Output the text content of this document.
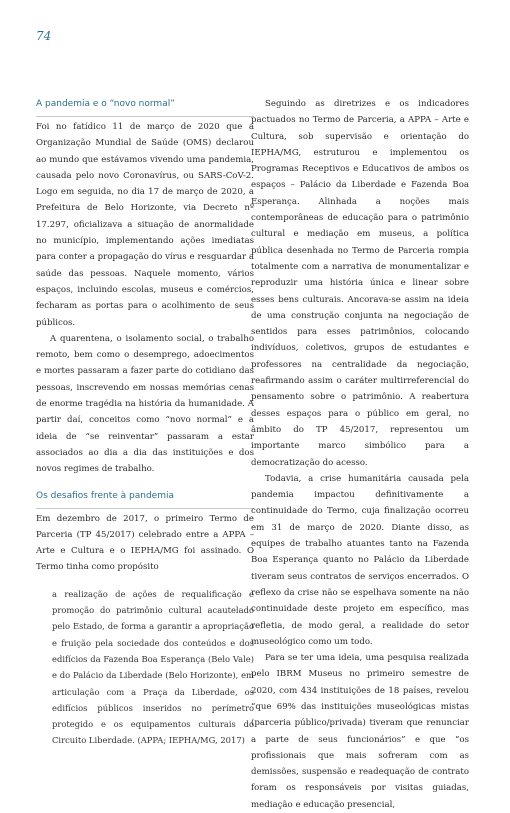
74
A pandemia e o “novo normal”

Foi no fatídico 11 de março de 2020 que a Organização Mundial de Saúde (OMS) declarou ao mundo que estávamos vivendo uma pandemia, causada pelo novo Coronavírus, ou SARS-CoV-2. Logo em seguida, no dia 17 de março de 2020, a Prefeitura de Belo Horizonte, via Decreto nº 17.297, oficializava a situação de anormalidade no município, implementando ações imediatas para conter a propagação do vírus e resguardar a saúde das pessoas. Naquele momento, vários espaços, incluindo escolas, museus e comércios, fecharam as portas para o acolhimento de seus públicos.

A quarentena, o isolamento social, o trabalho remoto, bem como o desemprego, adoecimentos e mortes passaram a fazer parte do cotidiano das pessoas, inscrevendo em nossas memórias cenas de enorme tragédia na história da humanidade. A partir daí, conceitos como “novo normal” e a ideia de “se reinventar” passaram a estar associados ao dia a dia das instituições e dos novos regimes de trabalho.

Os desafios frente à pandemia

Em dezembro de 2017, o primeiro Termo de Parceria (TP 45/2017) celebrado entre a APPA – Arte e Cultura e o IEPHA/MG foi assinado. O Termo tinha como propósito

a realização de ações de requalificação e promoção do patrimônio cultural acautelado pelo Estado, de forma a garantir a apropriação e fruição pela sociedade dos conteúdos e dos edifícios da Fazenda Boa Esperança (Belo Vale) e do Palácio da Liberdade (Belo Horizonte), em articulação com a Praça da Liberdade, os edifícios públicos inseridos no perímetro protegido e os equipamentos culturais do Circuito Liberdade. (APPA; IEPHA/MG, 2017)

Seguindo as diretrizes e os indicadores pactuados no Termo de Parceria, a APPA – Arte e Cultura, sob supervisão e orientação do IEPHA/MG, estruturou e implementou os Programas Receptivos e Educativos de ambos os espaços – Palácio da Liberdade e Fazenda Boa Esperança. Alinhada a noções mais contemporâneas de educação para o patrimônio cultural e mediação em museus, a política pública desenhada no Termo de Parceria rompia totalmente com a narrativa de monumentalizar e reproduzir uma história única e linear sobre esses bens culturais. Ancorava-se assim na ideia de uma construção conjunta na negociação de sentidos para esses patrimônios, colocando indivíduos, coletivos, grupos de estudantes e professores na centralidade da negociação, reafirmando assim o caráter multirreferencial do pensamento sobre o patrimônio. A reabertura desses espaços para o público em geral, no âmbito do TP 45/2017, representou um importante marco simbólico para a democratização do acesso.

Todavia, a crise humanitária causada pela pandemia impactou definitivamente a continuidade do Termo, cuja finalização ocorreu em 31 de março de 2020. Diante disso, as equipes de trabalho atuantes tanto na Fazenda Boa Esperança quanto no Palácio da Liberdade tiveram seus contratos de serviços encerrados. O reflexo da crise não se espelhava somente na não continuidade deste projeto em específico, mas refletia, de modo geral, a realidade do setor museológico como um todo.

Para se ter uma ideia, uma pesquisa realizada pelo IBRM Museus no primeiro semestre de 2020, com 434 instituições de 18 países, revelou “que 69% das instituições museológicas mistas (parceria público/privada) tiveram que renunciar a parte de seus funcionários” e que “os profissionais que mais sofreram com as demissões, suspensão e readequação de contrato foram os responsáveis por visitas guiadas, mediação e educação presencial,
